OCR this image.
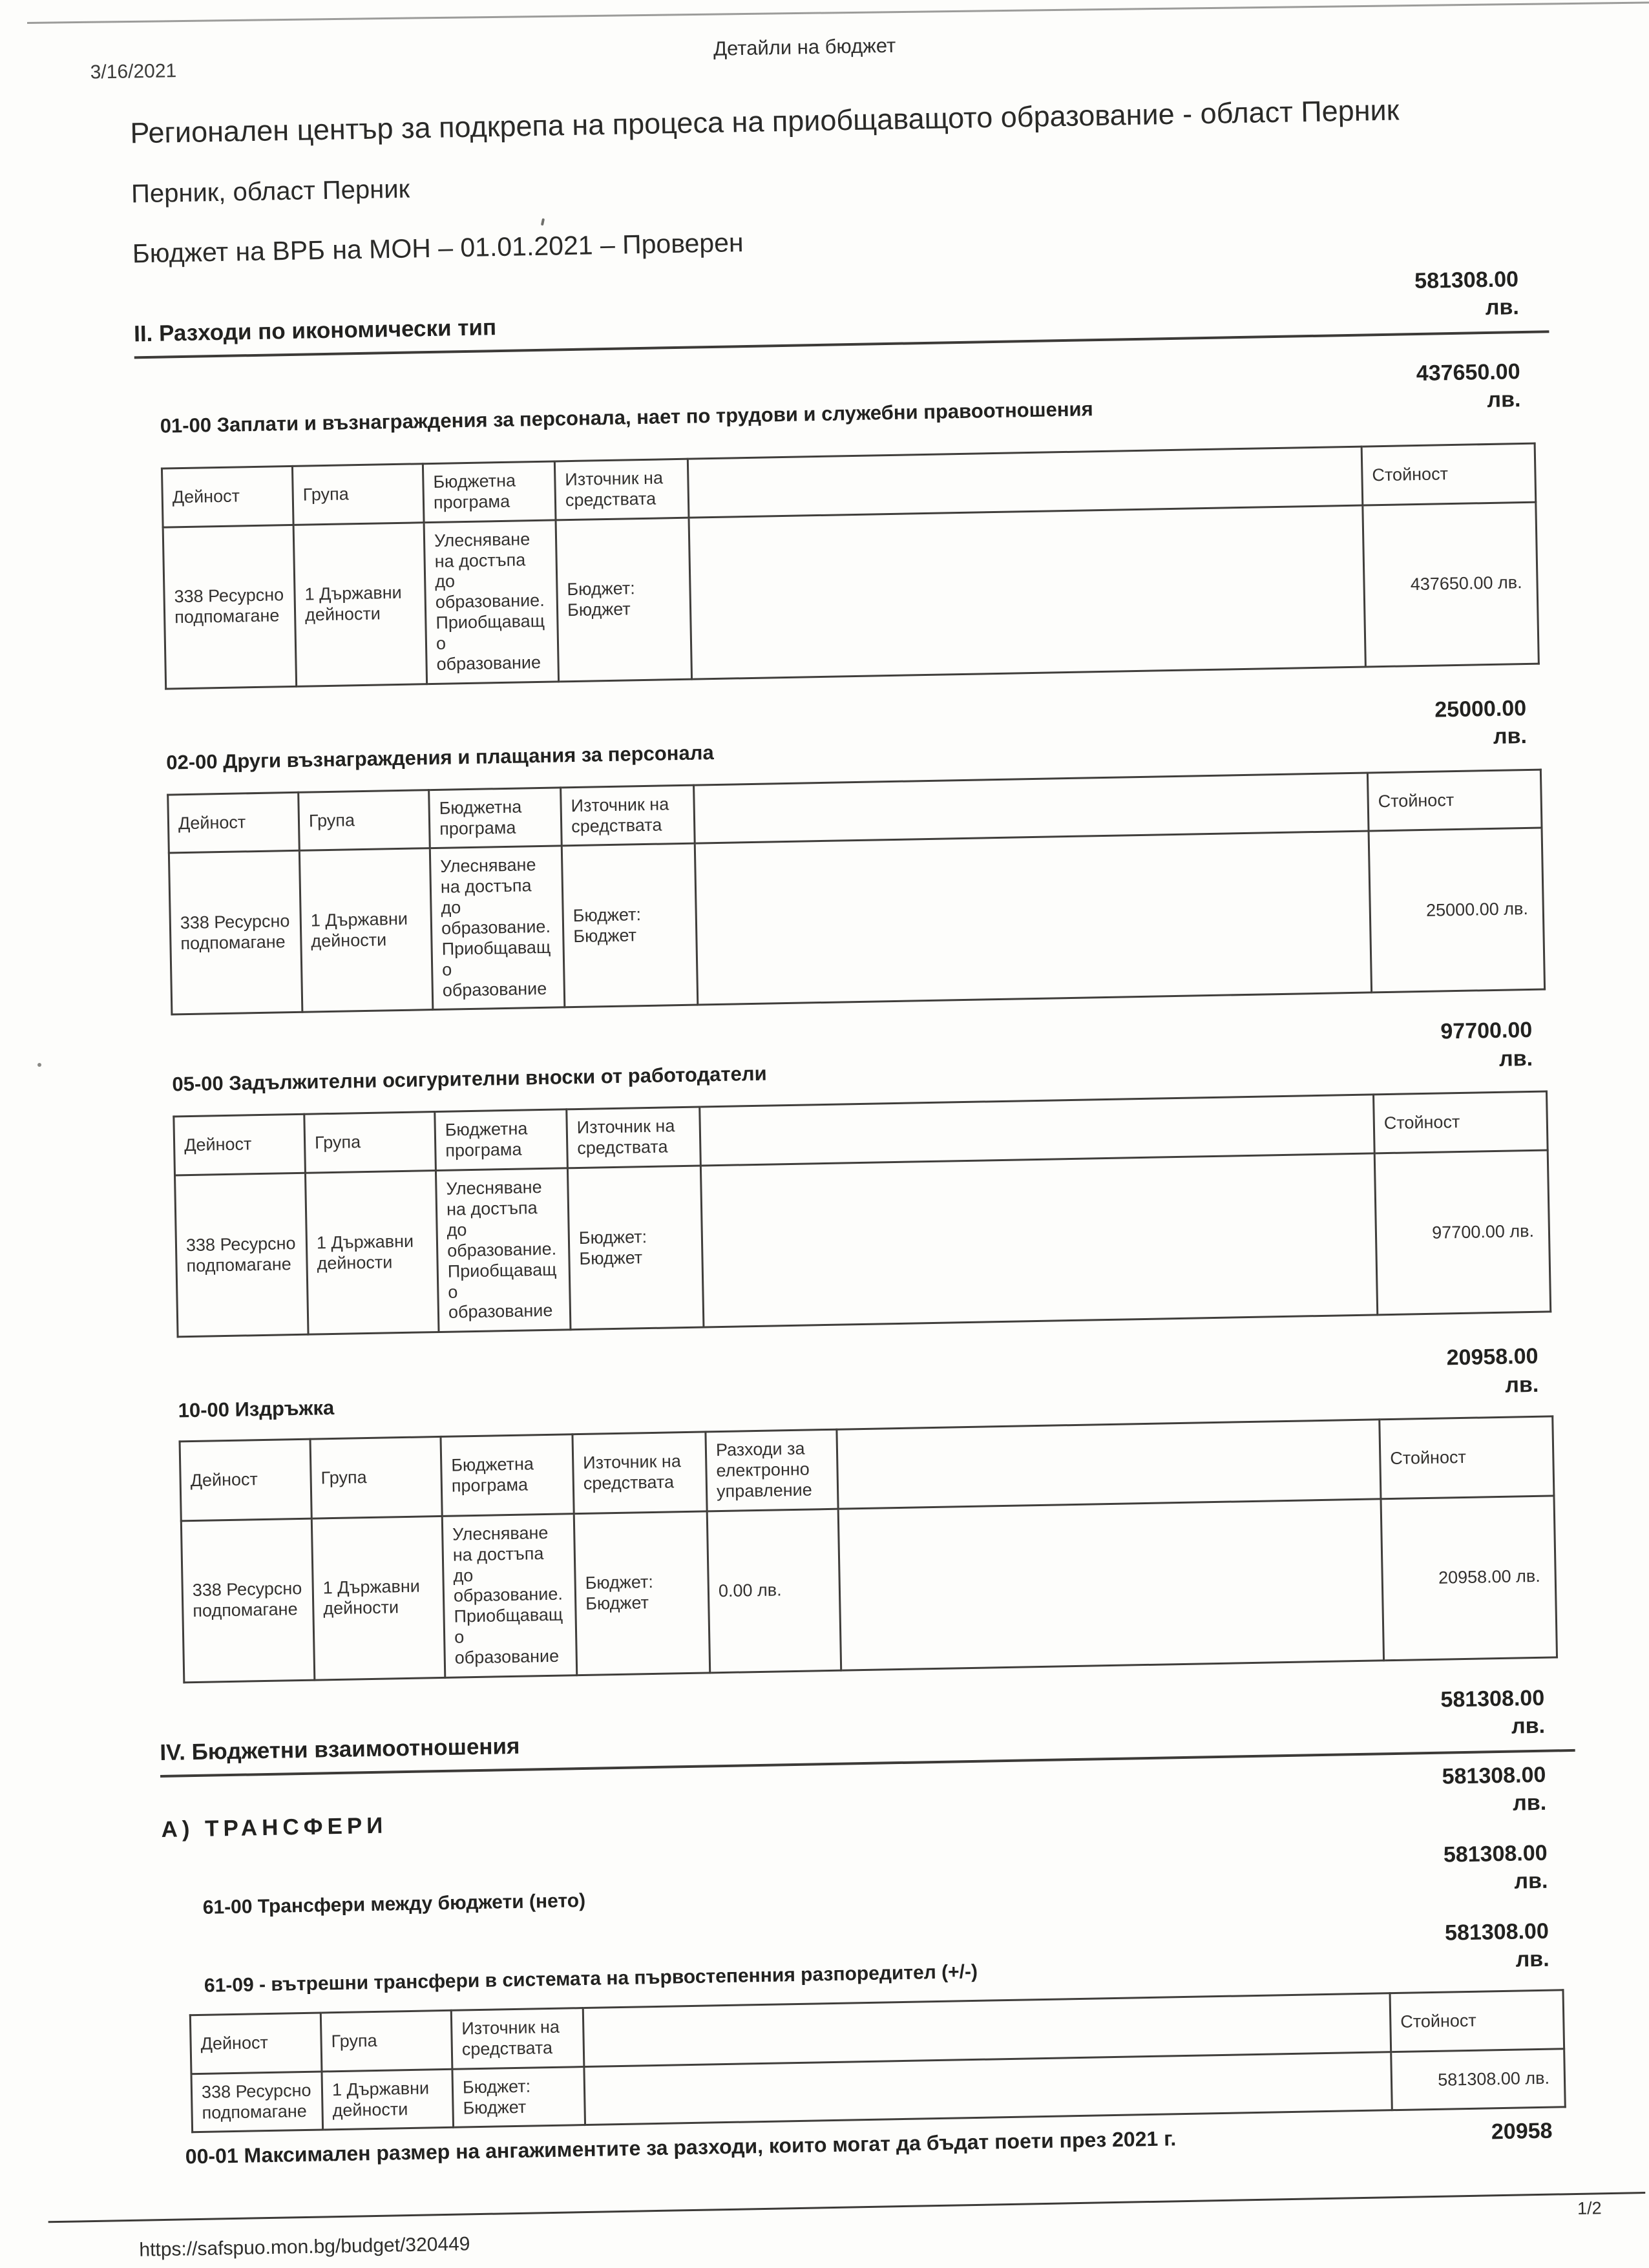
3/16/2021
Детайли на бюджет
Регионален център за подкрепа на процеса на приобщаващото образование - област Перник

Перник, област Перник

Бюджет на ВРБ на МОН – 01.01.2021 – Проверен

II. Разходи по икономически тип
581308.00
лв.
01-00 Заплати и възнаграждения за персонала, нает по трудови и служебни правоотношения
437650.00
лв.
Дейност	Група	Бюджетна програма	Източник на средствата		Стойност
338 Ресурсно подпомагане	1 Държавни дейности	Улесняване на достъпа до образование. Приобщаващо образование	Бюджет: Бюджет		437650.00 лв.
02-00 Други възнаграждения и плащания за персонала
25000.00
лв.
Дейност	Група	Бюджетна програма	Източник на средствата		Стойност
338 Ресурсно подпомагане	1 Държавни дейности	Улесняване на достъпа до образование. Приобщаващо образование	Бюджет: Бюджет		25000.00 лв.
05-00 Задължителни осигурителни вноски от работодатели
97700.00
лв.
Дейност	Група	Бюджетна програма	Източник на средствата		Стойност
338 Ресурсно подпомагане	1 Държавни дейности	Улесняване на достъпа до образование. Приобщаващо образование	Бюджет: Бюджет		97700.00 лв.
10-00 Издръжка
20958.00
лв.
Дейност	Група	Бюджетна програма	Източник на средствата	Разходи за електронно управление		Стойност
338 Ресурсно подпомагане	1 Държавни дейности	Улесняване на достъпа до образование. Приобщаващо образование	Бюджет: Бюджет	0.00 лв.		20958.00 лв.
IV. Бюджетни взаимоотношения
581308.00
лв.
А) ТРАНСФЕРИ
581308.00
лв.
61-00 Трансфери между бюджети (нето)
581308.00
лв.
61-09 - вътрешни трансфери в системата на първостепенния разпоредител (+/-)
581308.00
лв.
Дейност	Група	Източник на средствата		Стойност
338 Ресурсно подпомагане	1 Държавни дейности	Бюджет: Бюджет		581308.00 лв.
00-01 Максимален размер на ангажиментите за разходи, които могат да бъдат поети през 2021 г.	20958
https://safspuo.mon.bg/budget/320449
1/2
